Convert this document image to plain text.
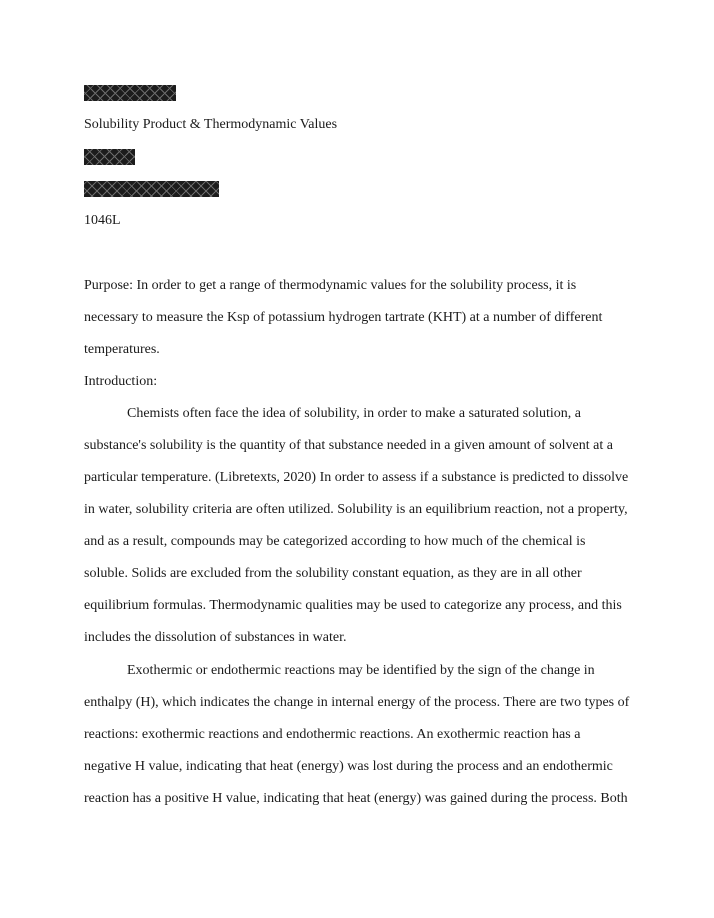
Solubility Product & Thermodynamic Values
1046L
Purpose: In order to get a range of thermodynamic values for the solubility process, it is
necessary to measure the Ksp of potassium hydrogen tartrate (KHT) at a number of different
temperatures.
Introduction:
Chemists often face the idea of solubility, in order to make a saturated solution, a
substance's solubility is the quantity of that substance needed in a given amount of solvent at a
particular temperature. (Libretexts, 2020) In order to assess if a substance is predicted to dissolve
in water, solubility criteria are often utilized. Solubility is an equilibrium reaction, not a property,
and as a result, compounds may be categorized according to how much of the chemical is
soluble. Solids are excluded from the solubility constant equation, as they are in all other
equilibrium formulas. Thermodynamic qualities may be used to categorize any process, and this
includes the dissolution of substances in water.
Exothermic or endothermic reactions may be identified by the sign of the change in
enthalpy (H), which indicates the change in internal energy of the process. There are two types of
reactions: exothermic reactions and endothermic reactions. An exothermic reaction has a
negative H value, indicating that heat (energy) was lost during the process and an endothermic
reaction has a positive H value, indicating that heat (energy) was gained during the process. Both
